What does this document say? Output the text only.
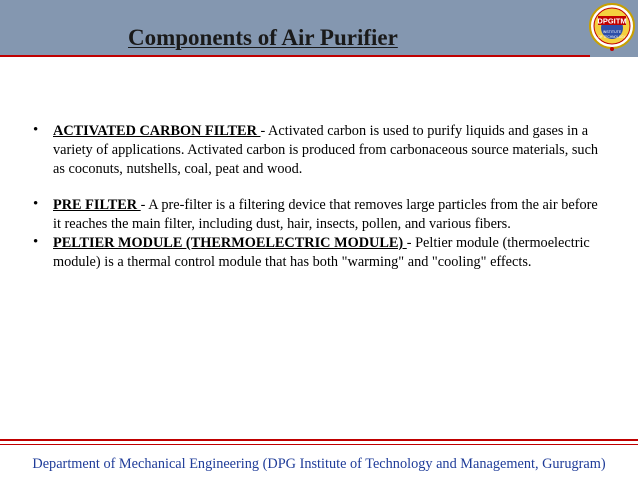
Components of Air Purifier
DPGITM
INSTITUTE
OF TECHNOLOGY
• ACTIVATED CARBON FILTER - Activated carbon is used to purify liquids and gases in a variety of applications. Activated carbon is produced from carbonaceous source materials, such as coconuts, nutshells, coal, peat and wood.
• PRE FILTER - A pre-filter is a filtering device that removes large particles from the air before it reaches the main filter, including dust, hair, insects, pollen, and various fibers.
• PELTIER MODULE (THERMOELECTRIC MODULE) - Peltier module (thermoelectric module) is a thermal control module that has both "warming" and "cooling" effects.
Department of Mechanical Engineering (DPG Institute of Technology and Management, Gurugram)
